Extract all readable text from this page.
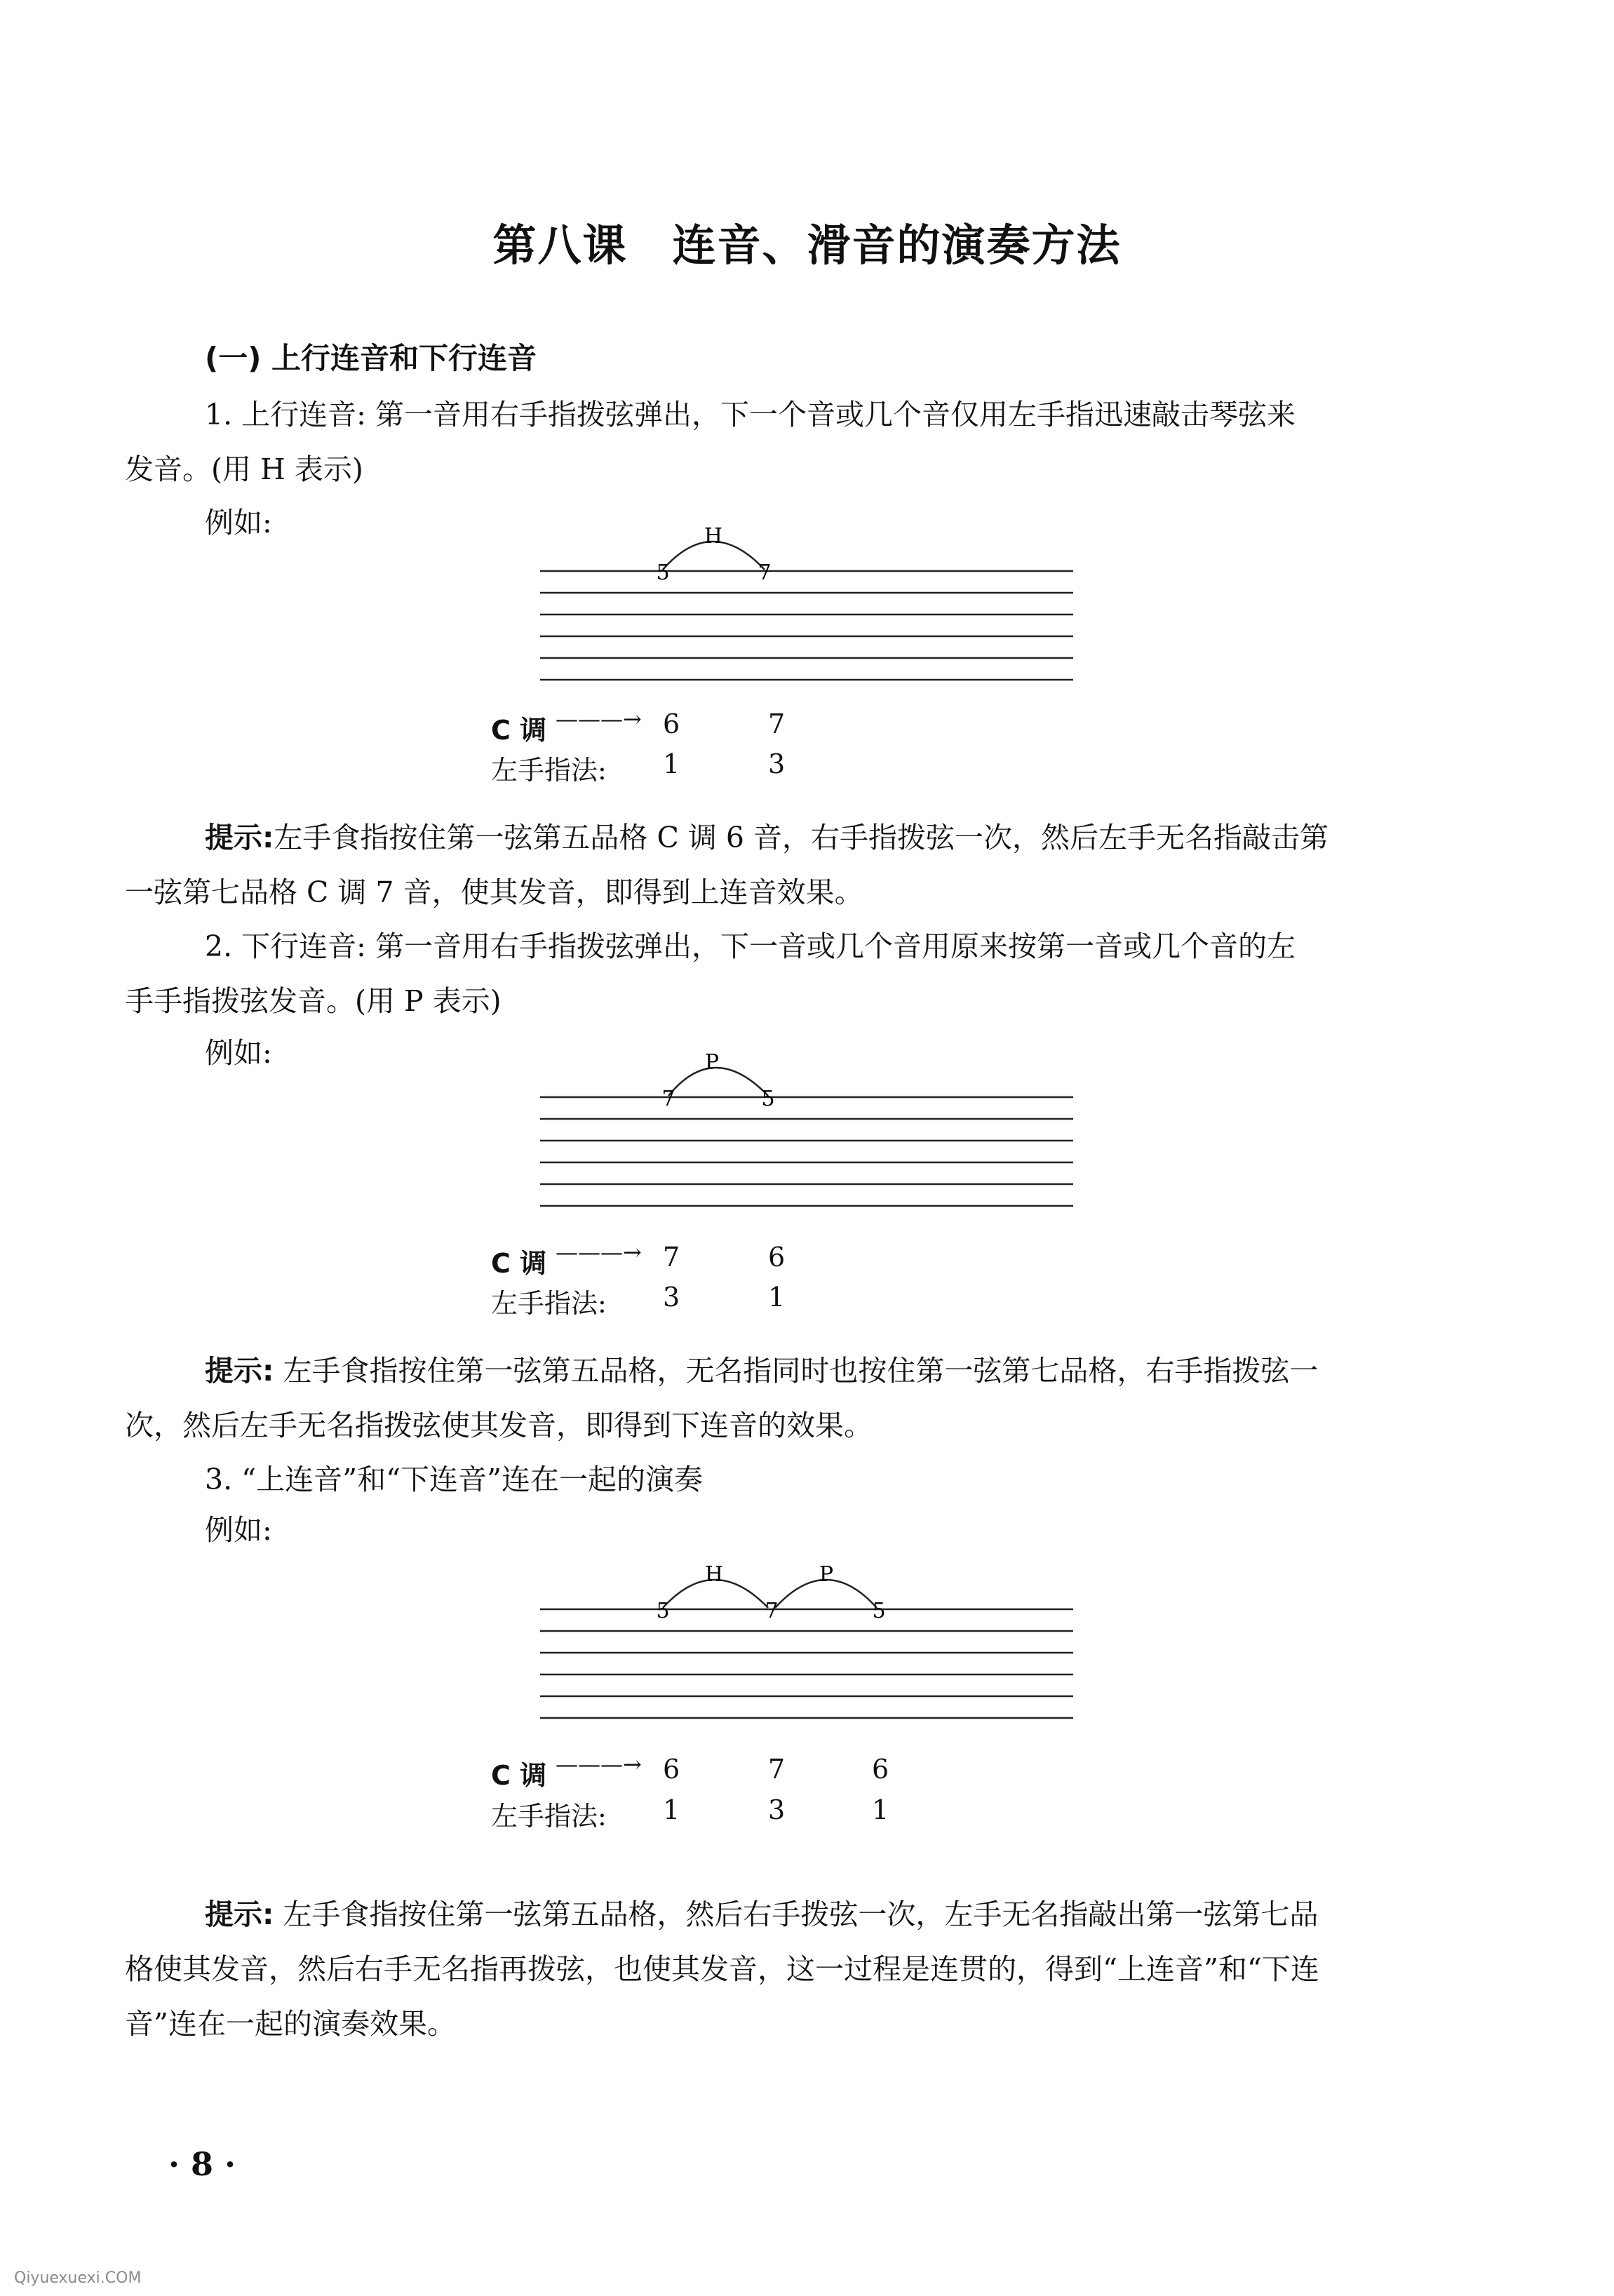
第八课　连音、滑音的演奏方法
(一) 上行连音和下行连音
1. 上行连音: 第一音用右手指拨弦弹出，下一个音或几个音仅用左手指迅速敲击琴弦来
发音。(用 H 表示)
例如:	H
5	7
C 调 ———→ 6	7
左手指法: 1	3
提示:左手食指按住第一弦第五品格 C 调 6 音，右手指拨弦一次，然后左手无名指敲击第
一弦第七品格 C 调 7 音，使其发音，即得到上连音效果。
2. 下行连音: 第一音用右手指拨弦弹出，下一音或几个音用原来按第一音或几个音的左
手手指拨弦发音。(用 P 表示)
例如:	P
7	5
C 调 ———→ 7	6
左手指法: 3	1
提示: 左手食指按住第一弦第五品格，无名指同时也按住第一弦第七品格，右手指拨弦一
次，然后左手无名指拨弦使其发音，即得到下连音的效果。
3. “上连音”和“下连音”连在一起的演奏
例如:
H	P
5	7	5
C 调 ———→ 6	7	6
左手指法: 1	3	1
提示: 左手食指按住第一弦第五品格，然后右手拨弦一次，左手无名指敲出第一弦第七品
格使其发音，然后右手无名指再拨弦，也使其发音，这一过程是连贯的，得到“上连音”和“下连
音”连在一起的演奏效果。
· 8 ·
Qiyuexuexi.COM
